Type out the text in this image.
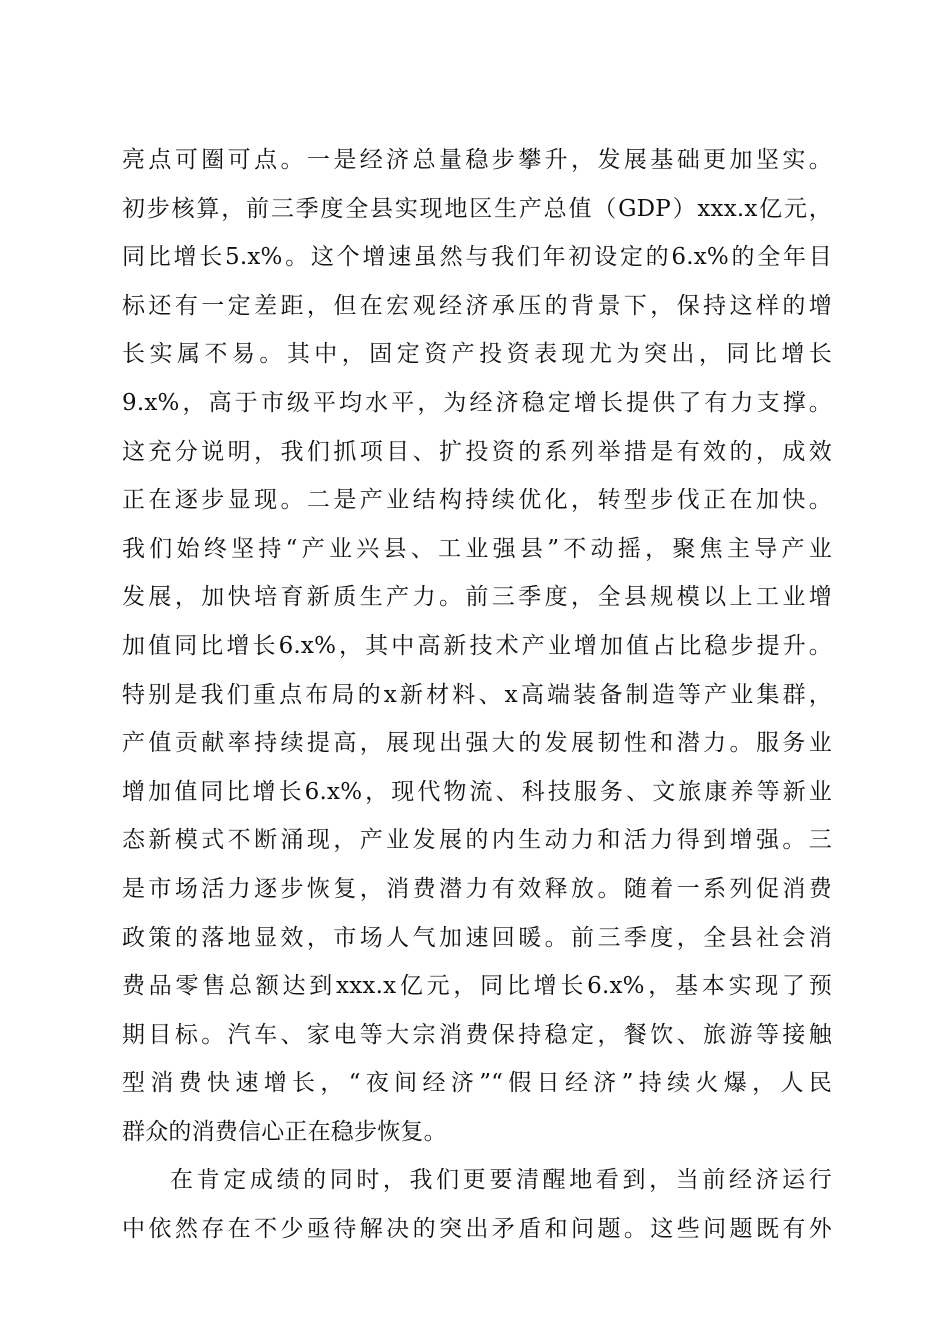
亮点可圈可点。一是经济总量稳步攀升，发展基础更加坚实。
初步核算，前三季度全县实现地区生产总值（GDP）xxx.x亿元，
同比增长5.x%。这个增速虽然与我们年初设定的6.x%的全年目
标还有一定差距，但在宏观经济承压的背景下，保持这样的增
长实属不易。其中，固定资产投资表现尤为突出，同比增长
9.x%，高于市级平均水平，为经济稳定增长提供了有力支撑。
这充分说明，我们抓项目、扩投资的系列举措是有效的，成效
正在逐步显现。二是产业结构持续优化，转型步伐正在加快。
我们始终坚持“产业兴县、工业强县”不动摇，聚焦主导产业
发展，加快培育新质生产力。前三季度，全县规模以上工业增
加值同比增长6.x%，其中高新技术产业增加值占比稳步提升。
特别是我们重点布局的x新材料、x高端装备制造等产业集群，
产值贡献率持续提高，展现出强大的发展韧性和潜力。服务业
增加值同比增长6.x%，现代物流、科技服务、文旅康养等新业
态新模式不断涌现，产业发展的内生动力和活力得到增强。三
是市场活力逐步恢复，消费潜力有效释放。随着一系列促消费
政策的落地显效，市场人气加速回暖。前三季度，全县社会消
费品零售总额达到xxx.x亿元，同比增长6.x%，基本实现了预
期目标。汽车、家电等大宗消费保持稳定，餐饮、旅游等接触
型消费快速增长，“夜间经济”“假日经济”持续火爆，人民
群众的消费信心正在稳步恢复。
在肯定成绩的同时，我们更要清醒地看到，当前经济运行
中依然存在不少亟待解决的突出矛盾和问题。这些问题既有外
